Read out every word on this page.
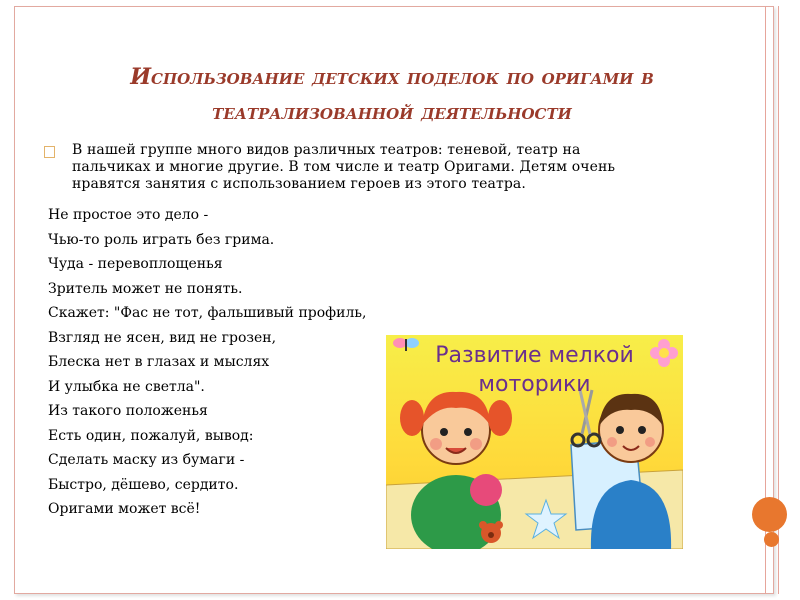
Использование детских поделок по оригами в театрализованной деятельности
В нашей группе много видов различных театров: теневой, театр на пальчиках и многие другие. В том числе и театр Оригами. Детям очень нравятся занятия с использованием героев из этого театра.
Не простое это дело -
Чью-то роль играть без грима.
Чуда - перевоплощенья
Зритель может не понять.
Скажет: "Фас не тот, фальшивый профиль,
Взгляд не ясен, вид не грозен,
Блеска нет в глазах и мыслях
И улыбка не светла".
Из такого положенья
Есть один, пожалуй, вывод:
Сделать маску из бумаги -
Быстро, дёшево, сердито.
Оригами может всё!
Развитие мелкой
моторики
